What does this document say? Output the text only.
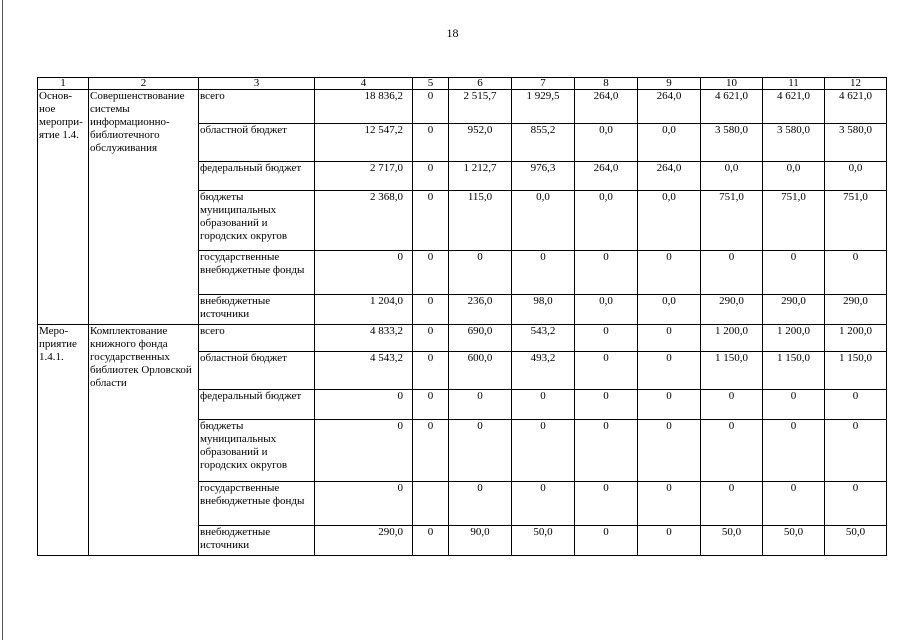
18
1	2	3	4	5	6	7	8	9	10	11	12
Основ-ное меропри-ятие 1.4.	Совершенствование системы информационно-библиотечного обслуживания	всего	18 836,2	0	2 515,7	1 929,5	264,0	264,0	4 621,0	4 621,0	4 621,0
		областной бюджет	12 547,2	0	952,0	855,2	0,0	0,0	3 580,0	3 580,0	3 580,0
		федеральный бюджет	2 717,0	0	1 212,7	976,3	264,0	264,0	0,0	0,0	0,0
		бюджеты муниципальных образований и городских округов	2 368,0	0	115,0	0,0	0,0	0,0	751,0	751,0	751,0
		государственные внебюджетные фонды	0	0	0	0	0	0	0	0	0
		внебюджетные источники	1 204,0	0	236,0	98,0	0,0	0,0	290,0	290,0	290,0
Меро-приятие 1.4.1.	Комплектование книжного фонда государственных библиотек Орловской области	всего	4 833,2	0	690,0	543,2	0	0	1 200,0	1 200,0	1 200,0
		областной бюджет	4 543,2	0	600,0	493,2	0	0	1 150,0	1 150,0	1 150,0
		федеральный бюджет	0	0	0	0	0	0	0	0	0
		бюджеты муниципальных образований и городских округов	0	0	0	0	0	0	0	0	0
		государственные внебюджетные фонды	0		0	0	0	0	0	0	0
		внебюджетные источники	290,0	0	90,0	50,0	0	0	50,0	50,0	50,0
